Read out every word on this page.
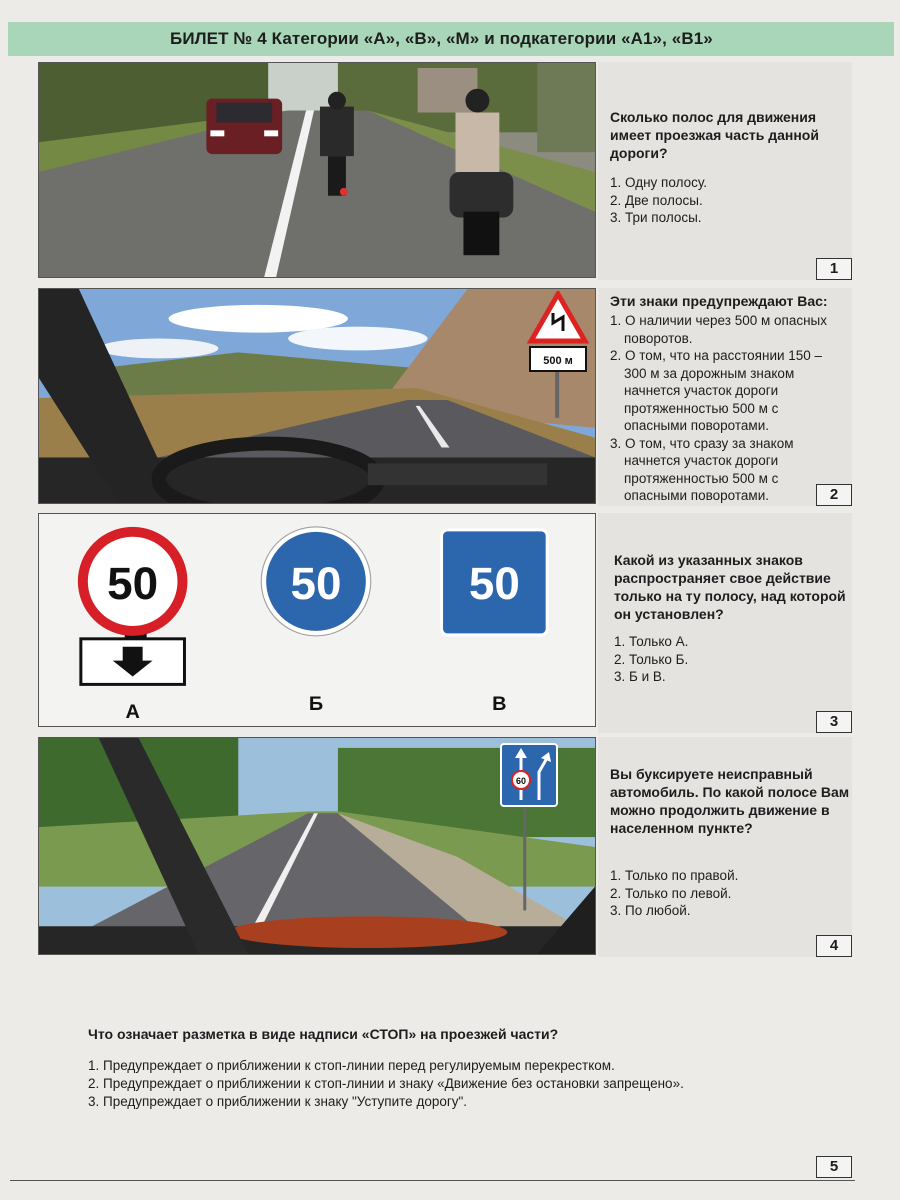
БИЛЕТ № 4 Категории «А», «В», «М» и подкатегории «А1», «В1»
Сколько полос для движения имеет проезжая часть данной дороги?
1. Одну полосу.
2. Две полосы.
3. Три полосы.
1
500 м
Эти знаки предупреждают Вас:
1. О наличии через 500 м опасных поворотов.
2. О том, что на расстоянии 150 – 300 м за дорожным знаком начнется участок дороги протяженностью 500 м с опасными поворотами.
3. О том, что сразу за знаком начнется участок дороги протяженностью 500 м с опасными поворотами.	2
50	50	50
А	Б	В
Какой из указанных знаков распространяет свое действие только на ту полосу, над которой он установлен?
1. Только А.
2. Только Б.
3. Б и В.
3
60	Вы буксируете неисправный автомобиль. По какой полосе Вам можно продолжить движение в населенном пункте?
1. Только по правой.
2. Только по левой.
3. По любой.
4
Что означает разметка в виде надписи «СТОП» на проезжей части?
1. Предупреждает о приближении к стоп-линии перед регулируемым перекрестком.
2. Предупреждает о приближении к стоп-линии и знаку «Движение без остановки запрещено».
3. Предупреждает о приближении к знаку "Уступите дорогу".
5
